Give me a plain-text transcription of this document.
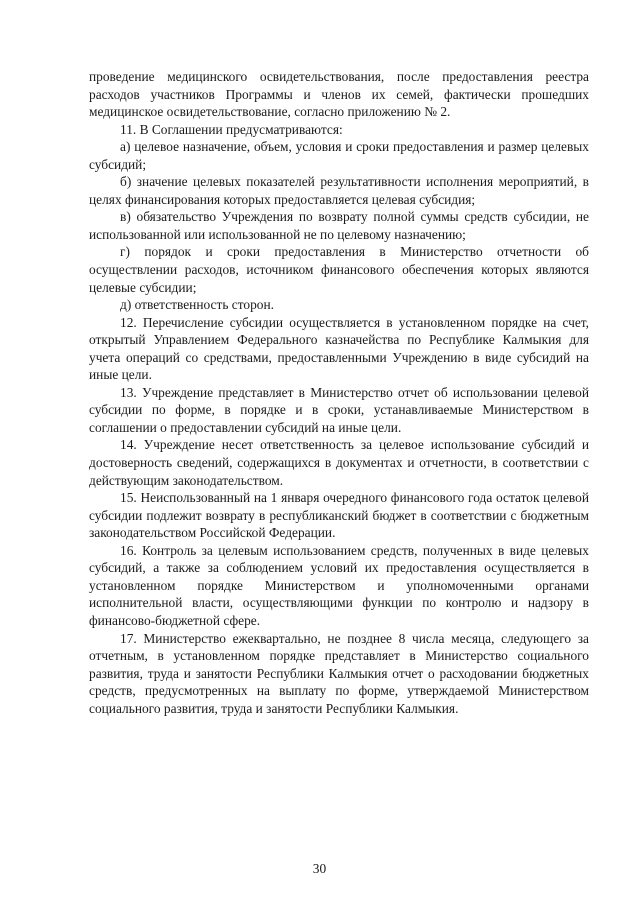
проведение медицинского освидетельствования, после предоставления реестра расходов участников Программы и членов их семей, фактически прошедших медицинское освидетельствование, согласно приложению № 2.

11. В Соглашении предусматриваются:

а) целевое назначение, объем, условия и сроки предоставления и размер целевых субсидий;

б) значение целевых показателей результативности исполнения мероприятий, в целях финансирования которых предоставляется целевая субсидия;

в) обязательство Учреждения по возврату полной суммы средств субсидии, не использованной или использованной не по целевому назначению;

г) порядок и сроки предоставления в Министерство отчетности об осуществлении расходов, источником финансового обеспечения которых являются целевые субсидии;

д) ответственность сторон.

12. Перечисление субсидии осуществляется в установленном порядке на счет, открытый Управлением Федерального казначейства по Республике Калмыкия для учета операций со средствами, предоставленными Учреждению в виде субсидий на иные цели.

13. Учреждение представляет в Министерство отчет об использовании целевой субсидии по форме, в порядке и в сроки, устанавливаемые Министерством в соглашении о предоставлении субсидий на иные цели.

14. Учреждение несет ответственность за целевое использование субсидий и достоверность сведений, содержащихся в документах и отчетности, в соответствии с действующим законодательством.

15. Неиспользованный на 1 января очередного финансового года остаток целевой субсидии подлежит возврату в республиканский бюджет в соответствии с бюджетным законодательством Российской Федерации.

16. Контроль за целевым использованием средств, полученных в виде целевых субсидий, а также за соблюдением условий их предоставления осуществляется в установленном порядке Министерством и уполномоченными органами исполнительной власти, осуществляющими функции по контролю и надзору в финансово-бюджетной сфере.

17. Министерство ежеквартально, не позднее 8 числа месяца, следующего за отчетным, в установленном порядке представляет в Министерство социального развития, труда и занятости Республики Калмыкия отчет о расходовании бюджетных средств, предусмотренных на выплату по форме, утверждаемой Министерством социального развития, труда и занятости Республики Калмыкия.

30
